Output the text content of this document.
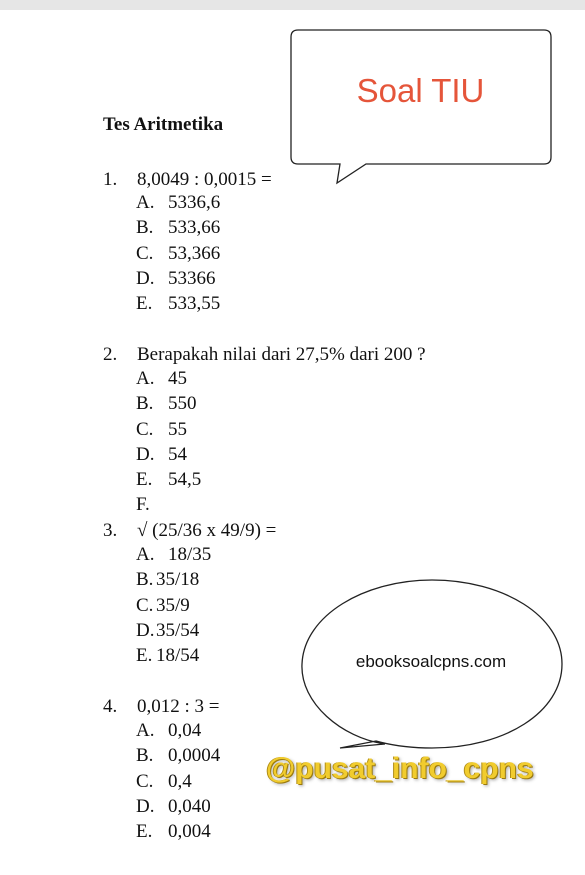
Soal TIU
ebooksoalcpns.com
Tes Aritmetika
1. 8,0049 : 0,0015 =
A. 5336,6
B. 533,66
C. 53,366
D. 53366
E. 533,55
2. Berapakah nilai dari 27,5% dari 200 ?
A. 45
B. 550
C. 55
D. 54
E. 54,5
F.
3. √ (25/36 x 49/9) =
A. 18/35
B. 35/18
C. 35/9
D.35/54
E. 18/54
4. 0,012 : 3 =
A. 0,04
B. 0,0004
C. 0,4
D. 0,040
E. 0,004
@pusat_info_cpns
